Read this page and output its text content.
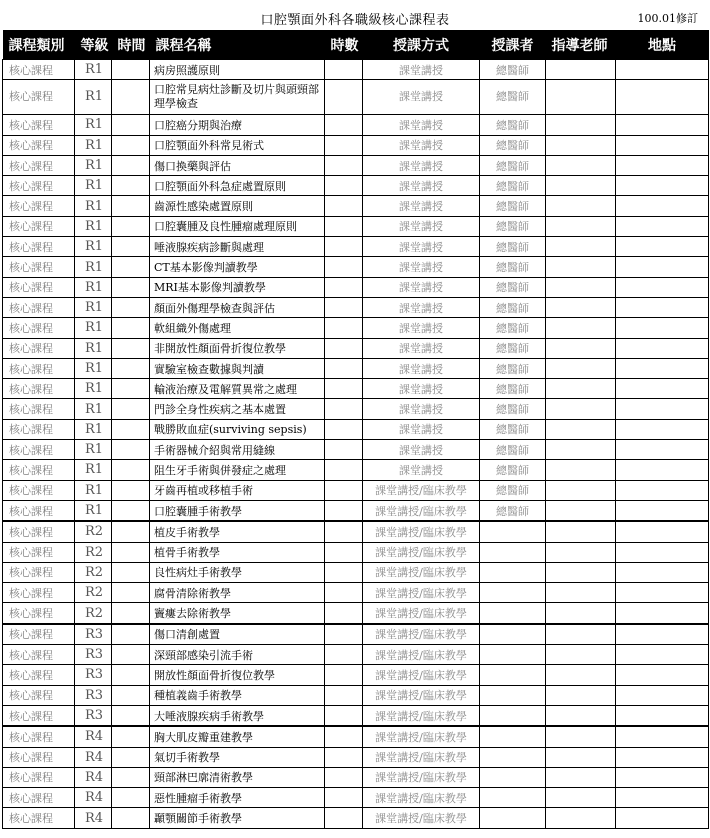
口腔顎面外科各職級核心課程表	100.01修訂
課程類別	等級	時間	課程名稱	時數	授課方式	授課者	指導老師	地點
核心課程	R1		病房照護原則		課堂講授	總醫師		
核心課程	R1		口腔常見病灶診斷及切片與頭頸部理學檢查		課堂講授	總醫師		
核心課程	R1		口腔癌分期與治療		課堂講授	總醫師		
核心課程	R1		口腔顎面外科常見術式		課堂講授	總醫師		
核心課程	R1		傷口換藥與評估		課堂講授	總醫師		
核心課程	R1		口腔顎面外科急症處置原則		課堂講授	總醫師		
核心課程	R1		齒源性感染處置原則		課堂講授	總醫師		
核心課程	R1		口腔囊腫及良性腫瘤處理原則		課堂講授	總醫師		
核心課程	R1		唾液腺疾病診斷與處理		課堂講授	總醫師		
核心課程	R1		CT基本影像判讀教學		課堂講授	總醫師		
核心課程	R1		MRI基本影像判讀教學		課堂講授	總醫師		
核心課程	R1		顏面外傷理學檢查與評估		課堂講授	總醫師		
核心課程	R1		軟組織外傷處理		課堂講授	總醫師		
核心課程	R1		非開放性顏面骨折復位教學		課堂講授	總醫師		
核心課程	R1		實驗室檢查數據與判讀		課堂講授	總醫師		
核心課程	R1		輸液治療及電解質異常之處理		課堂講授	總醫師		
核心課程	R1		門診全身性疾病之基本處置		課堂講授	總醫師		
核心課程	R1		戰勝敗血症(surviving sepsis)		課堂講授	總醫師		
核心課程	R1		手術器械介紹與常用縫線		課堂講授	總醫師		
核心課程	R1		阻生牙手術與併發症之處理		課堂講授	總醫師		
核心課程	R1		牙齒再植或移植手術		課堂講授/臨床教學	總醫師		
核心課程	R1		口腔囊腫手術教學		課堂講授/臨床教學	總醫師		
核心課程	R2		植皮手術教學		課堂講授/臨床教學			
核心課程	R2		植骨手術教學		課堂講授/臨床教學			
核心課程	R2		良性病灶手術教學		課堂講授/臨床教學			
核心課程	R2		腐骨清除術教學		課堂講授/臨床教學			
核心課程	R2		竇瘻去除術教學		課堂講授/臨床教學			
核心課程	R3		傷口清創處置		課堂講授/臨床教學			
核心課程	R3		深頸部感染引流手術		課堂講授/臨床教學			
核心課程	R3		開放性顏面骨折復位教學		課堂講授/臨床教學			
核心課程	R3		種植義齒手術教學		課堂講授/臨床教學			
核心課程	R3		大唾液腺疾病手術教學		課堂講授/臨床教學			
核心課程	R4		胸大肌皮瓣重建教學		課堂講授/臨床教學			
核心課程	R4		氣切手術教學		課堂講授/臨床教學			
核心課程	R4		頸部淋巴廓清術教學		課堂講授/臨床教學			
核心課程	R4		惡性腫瘤手術教學		課堂講授/臨床教學			
核心課程	R4		顳顎關節手術教學		課堂講授/臨床教學			
